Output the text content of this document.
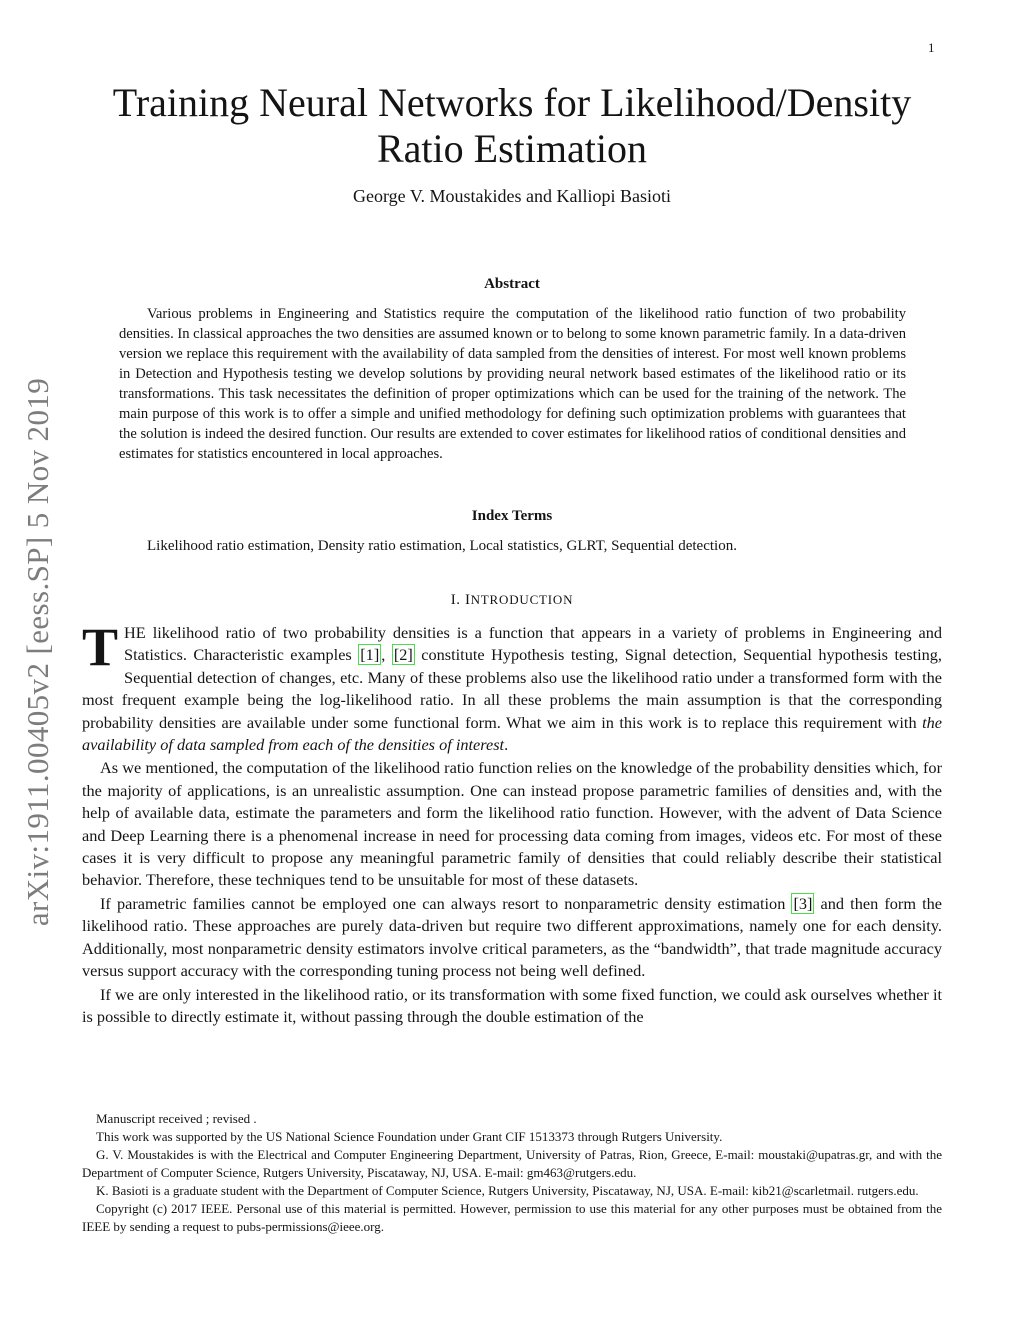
1
arXiv:1911.00405v2 [eess.SP] 5 Nov 2019
Training Neural Networks for Likelihood/Density
Ratio Estimation
George V. Moustakides and Kalliopi Basioti
Abstract

Various problems in Engineering and Statistics require the computation of the likelihood ratio function of two probability densities. In classical approaches the two densities are assumed known or to belong to some known parametric family. In a data-driven version we replace this requirement with the availability of data sampled from the densities of interest. For most well known problems in Detection and Hypothesis testing we develop solutions by providing neural network based estimates of the likelihood ratio or its transformations. This task necessitates the definition of proper optimizations which can be used for the training of the network. The main purpose of this work is to offer a simple and unified methodology for defining such optimization problems with guarantees that the solution is indeed the desired function. Our results are extended to cover estimates for likelihood ratios of conditional densities and estimates for statistics encountered in local approaches.

Index Terms
Likelihood ratio estimation, Density ratio estimation, Local statistics, GLRT, Sequential detection.
I. INTRODUCTION

THE likelihood ratio of two probability densities is a function that appears in a variety of problems in Engineering and Statistics. Characteristic examples [1] , [2] constitute Hypothesis testing, Signal detection, Sequential hypothesis testing, Sequential detection of changes, etc. Many of these problems also use the likelihood ratio under a transformed form with the most frequent example being the log-likelihood ratio. In all these problems the main assumption is that the corresponding probability densities are available under some functional form. What we aim in this work is to replace this requirement with the availability of data sampled from each of the densities of interest.

As we mentioned, the computation of the likelihood ratio function relies on the knowledge of the probability densities which, for the majority of applications, is an unrealistic assumption. One can instead propose parametric families of densities and, with the help of available data, estimate the parameters and form the likelihood ratio function. However, with the advent of Data Science and Deep Learning there is a phenomenal increase in need for processing data coming from images, videos etc. For most of these cases it is very difficult to propose any meaningful parametric family of densities that could reliably describe their statistical behavior. Therefore, these techniques tend to be unsuitable for most of these datasets.

If parametric families cannot be employed one can always resort to nonparametric density estimation [3] and then form the likelihood ratio. These approaches are purely data-driven but require two different approximations, namely one for each density. Additionally, most nonparametric density estimators involve critical parameters, as the “bandwidth”, that trade magnitude accuracy versus support accuracy with the corresponding tuning process not being well defined.

If we are only interested in the likelihood ratio, or its transformation with some fixed function, we could ask ourselves whether it is possible to directly estimate it, without passing through the double estimation of the

Manuscript received ; revised .

This work was supported by the US National Science Foundation under Grant CIF 1513373 through Rutgers University.

G. V. Moustakides is with the Electrical and Computer Engineering Department, University of Patras, Rion, Greece, E-mail: moustaki@upatras.gr, and with the Department of Computer Science, Rutgers University, Piscataway, NJ, USA. E-mail: gm463@rutgers.edu.

K. Basioti is a graduate student with the Department of Computer Science, Rutgers University, Piscataway, NJ, USA. E-mail: kib21@scarletmail. rutgers.edu.

Copyright (c) 2017 IEEE. Personal use of this material is permitted. However, permission to use this material for any other purposes must be obtained from the IEEE by sending a request to pubs-permissions@ieee.org.
